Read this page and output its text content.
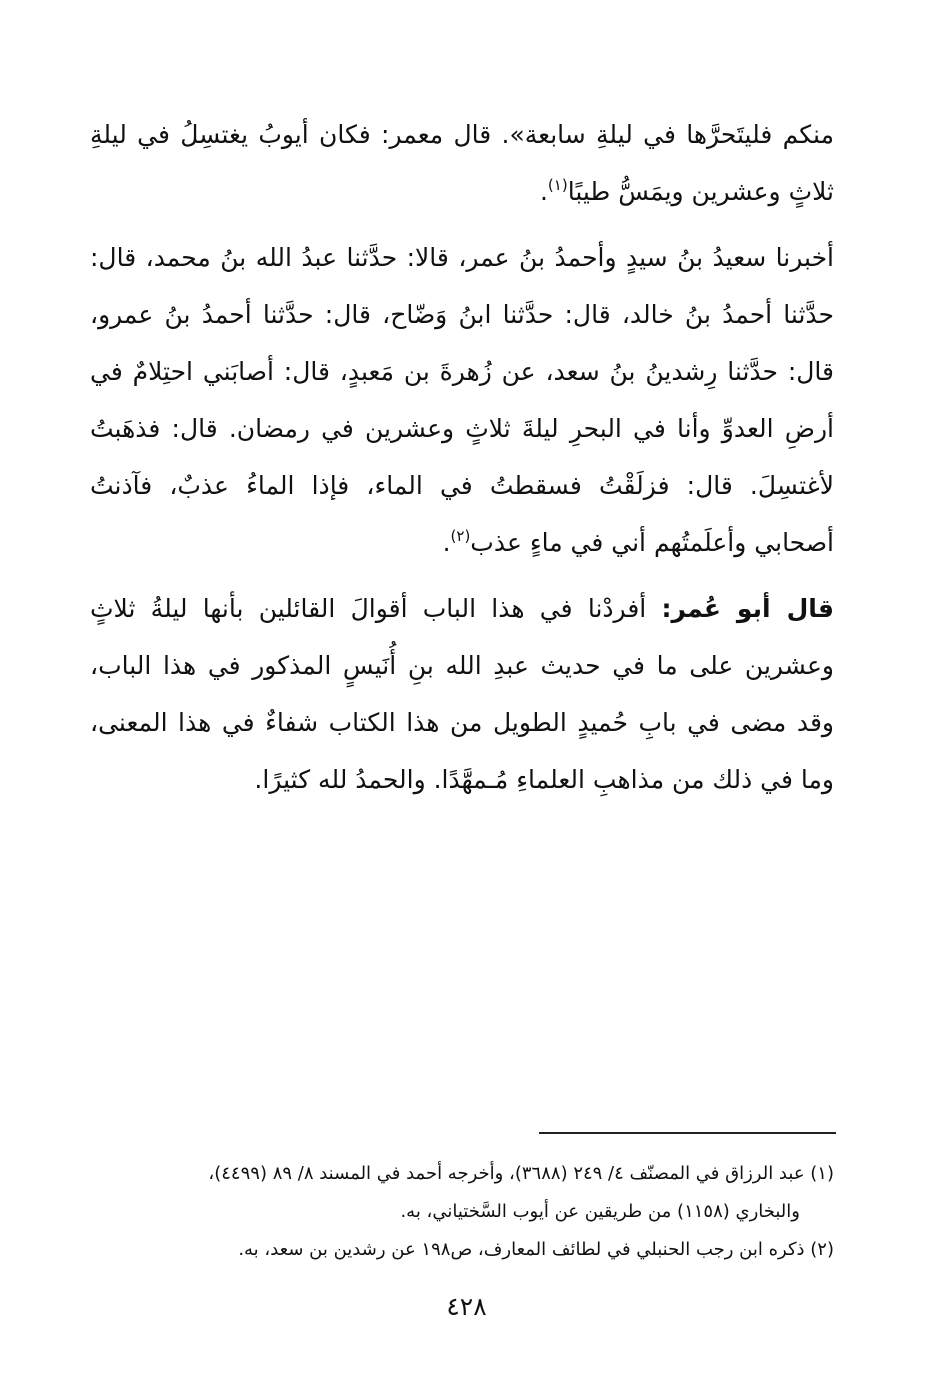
منكم فليتَحرَّها في ليلةِ سابعة». قال معمر: فكان أيوبُ يغتسِلُ في ليلةِ ثلاثٍ وعشرين ويمَسُّ طيبًا$^{(١)}$.

أخبرنا سعيدُ بنُ سيدٍ وأحمدُ بنُ عمر، قالا: حدَّثنا عبدُ الله بنُ محمد، قال: حدَّثنا أحمدُ بنُ خالد، قال: حدَّثنا ابنُ وَضّاح، قال: حدَّثنا أحمدُ بنُ عمرو، قال: حدَّثنا رِشدينُ بنُ سعد، عن زُهرةَ بن مَعبدٍ، قال: أصابَني احتِلامٌ في أرضِ العدوِّ وأنا في البحرِ ليلةَ ثلاثٍ وعشرين في رمضان. قال: فذهَبتُ لأغتسِلَ. قال: فزلَقْتُ فسقطتُ في الماء، فإذا الماءُ عذبٌ، فآذنتُ أصحابي وأعلَمتُهم أني في ماءٍ عذب$^{(٢)}$.

قال أبو عُمر: أفردْنا في هذا الباب أقوالَ القائلين بأنها ليلةُ ثلاثٍ وعشرين على ما في حديث عبدِ الله بنِ أُنَيسٍ المذكور في هذا الباب، وقد مضى في بابِ حُميدٍ الطويل من هذا الكتاب شفاءٌ في هذا المعنى، وما في ذلك من مذاهبِ العلماءِ مُـمهَّدًا. والحمدُ لله كثيرًا.

(١) عبد الرزاق في المصنّف ٤/ ٢٤٩ (٣٦٨٨)، وأخرجه أحمد في المسند ٨/ ٨٩ (٤٤٩٩)،

والبخاري (١١٥٨) من طريقين عن أيوب السَّختياني، به.

(٢) ذكره ابن رجب الحنبلي في لطائف المعارف، ص١٩٨ عن رشدين بن سعد، به.

٤٢٨
